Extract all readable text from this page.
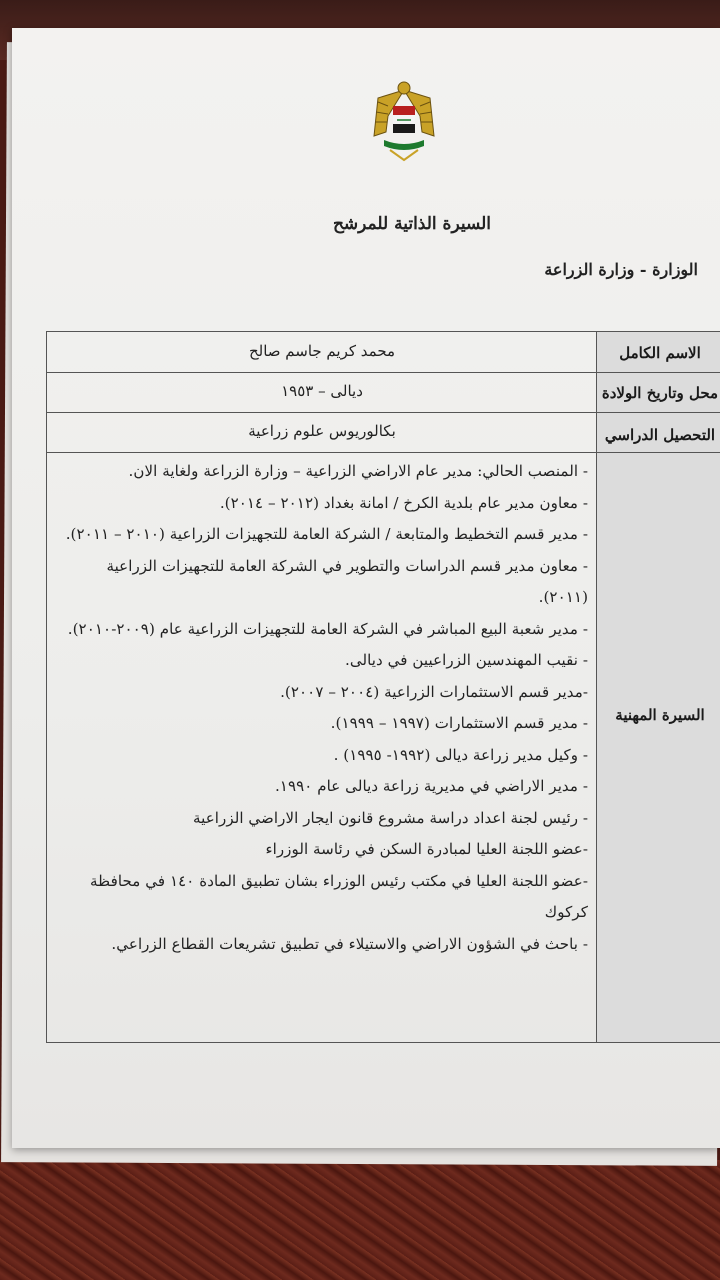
السيرة الذاتية للمرشح
الوزارة - وزارة الزراعة
الاسم الكامل
محمد كريم جاسم صالح
محل وتاريخ الولادة
ديالى – ١٩٥٣
التحصيل الدراسي
بكالوريوس علوم زراعية
السيرة المهنية
- المنصب الحالي: مدير عام الاراضي الزراعية – وزارة الزراعة ولغاية الان.
- معاون مدير عام بلدية الكرخ / امانة بغداد (٢٠١٢ – ٢٠١٤).
- مدير قسم التخطيط والمتابعة / الشركة العامة للتجهيزات الزراعية (٢٠١٠ – ٢٠١١).
- معاون مدير قسم الدراسات والتطوير في الشركة العامة للتجهيزات الزراعية (٢٠١١).
- مدير شعبة البيع المباشر في الشركة العامة للتجهيزات الزراعية عام (٢٠٠٩-٢٠١٠).
- نقيب المهندسين الزراعيين في ديالى.
-مدير قسم الاستثمارات الزراعية (٢٠٠٤ – ٢٠٠٧).
- مدير قسم الاستثمارات (١٩٩٧ – ١٩٩٩).
- وكيل مدير زراعة ديالى (١٩٩٢- ١٩٩٥) .
- مدير الاراضي في مديرية زراعة ديالى عام ١٩٩٠.
- رئيس لجنة اعداد دراسة مشروع قانون ايجار الاراضي الزراعية
-عضو اللجنة العليا لمبادرة السكن في رئاسة الوزراء
-عضو اللجنة العليا في مكتب رئيس الوزراء بشان تطبيق المادة ١٤٠ في محافظة كركوك
- باحث في الشؤون الاراضي والاستيلاء في تطبيق تشريعات القطاع الزراعي.
